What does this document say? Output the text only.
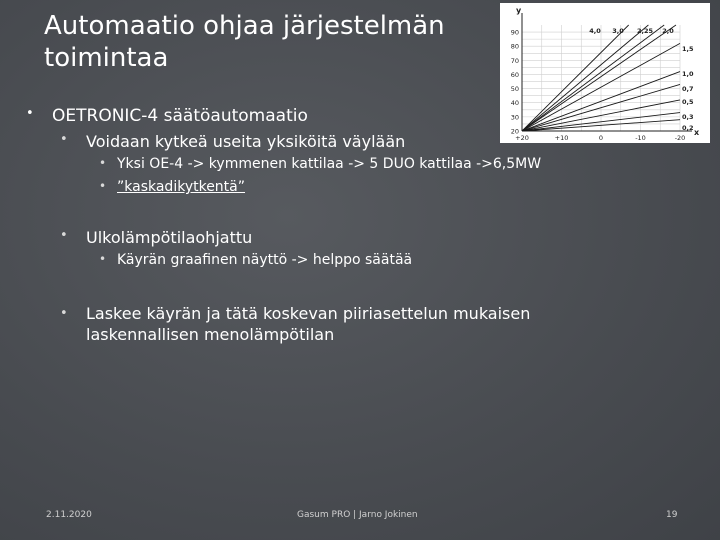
Automaatio ohjaa järjestelmän toimintaa
• OETRONIC-4 säätöautomaatio
• Voidaan kytkeä useita yksiköitä väylään
• Yksi OE-4 -> kymmenen kattilaa -> 5 DUO kattilaa ->6,5MW
• ”kaskadikytkentä”
• Ulkolämpötilaohjattu
• Käyrän graafinen näyttö -> helppo säätää
• Laskee käyrän ja tätä koskevan piiriasettelun mukaisen laskennallisen menolämpötilan
2.11.2020	Gasum PRO | Jarno Jokinen	19
20
30
40
50
60
70
80
90
+20	+10	0	-10	-20
y
x
4,0 3,0 2,25 2,0
1,5
1,0
0,7
0,5
0,3
0,2
